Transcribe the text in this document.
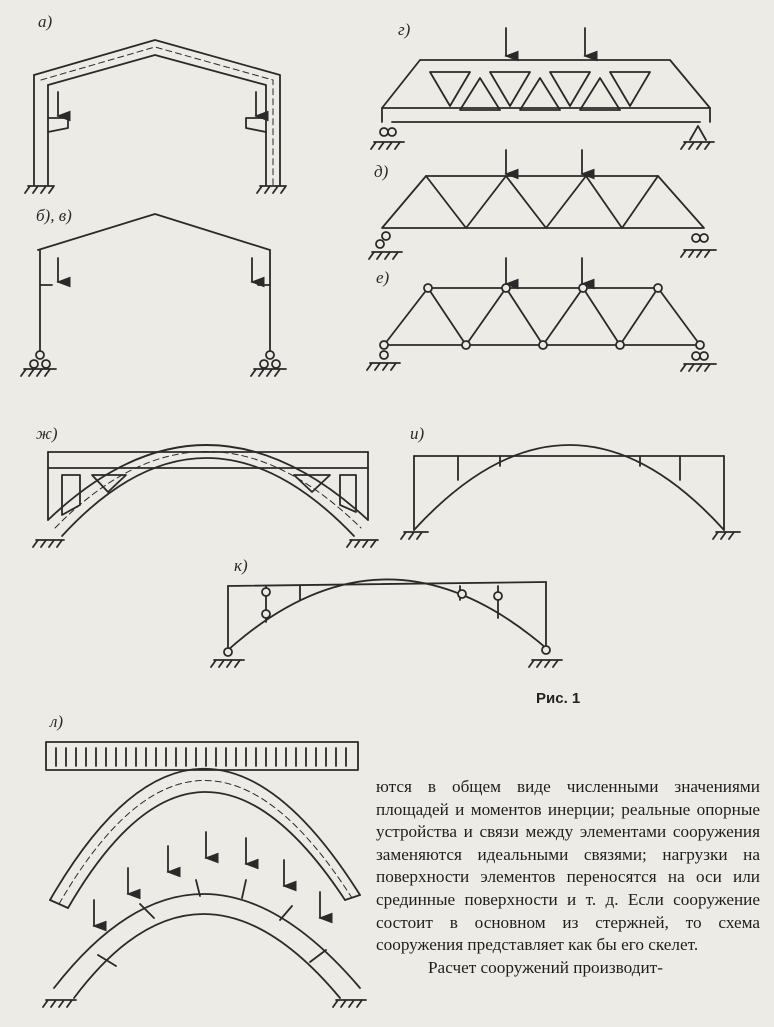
а)
б), в)
г)
д)
е)
ж)	и)
к)
л)
Рис. 1

ются в общем виде численными значениями площадей и моментов инерции; реальные опорные устройства и связи между элементами сооружения заменяются идеальными связями; нагрузки на поверхности элементов переносятся на оси или срединные поверхности и т. д. Если сооружение состоит в основном из стержней, то схема сооружения представляет как бы его скелет.

Расчет сооружений производит-
